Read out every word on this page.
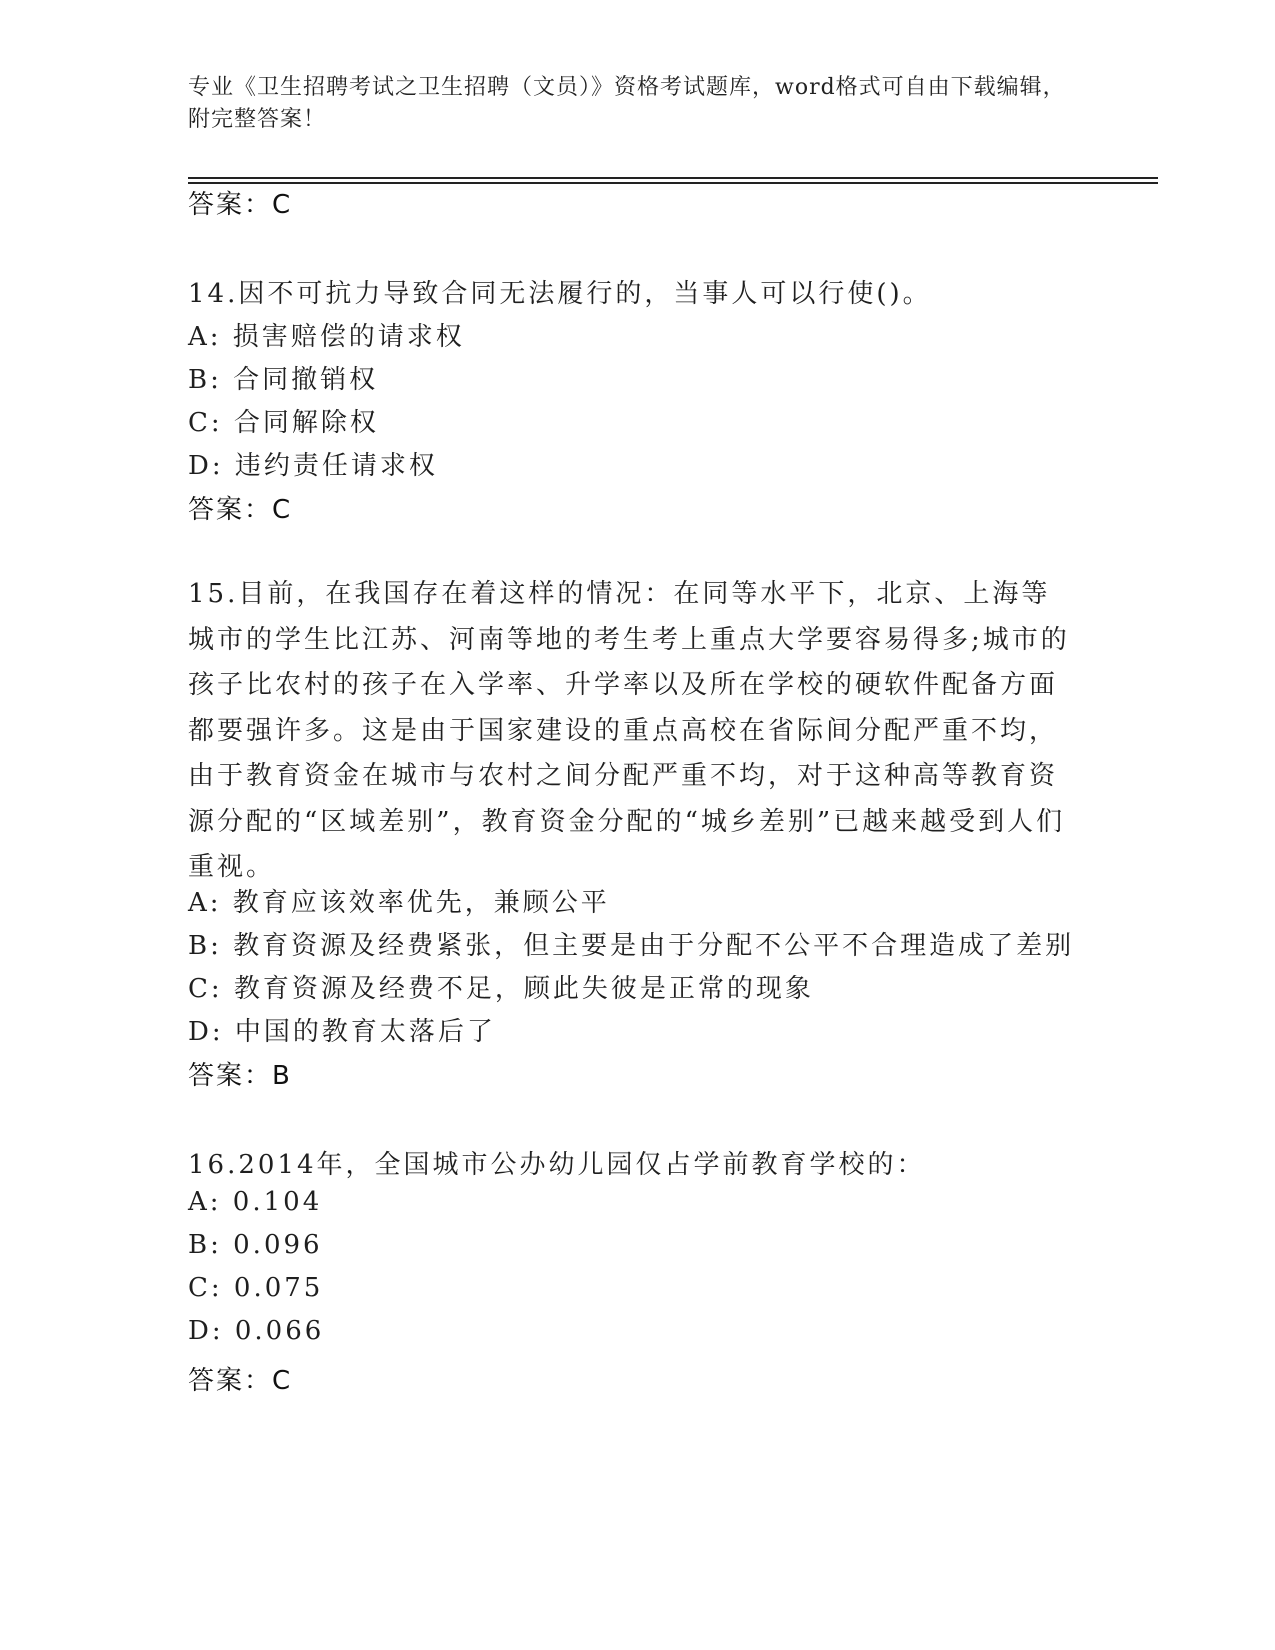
专业《卫生招聘考试之卫生招聘（文员）》资格考试题库，word格式可自由下载编辑，附完整答案！
答案：C
14.因不可抗力导致合同无法履行的，当事人可以行使()。
A: 损害赔偿的请求权
B: 合同撤销权
C: 合同解除权
D: 违约责任请求权
答案：C
15.目前，在我国存在着这样的情况：在同等水平下，北京、上海等城市的学生比江苏、河南等地的考生考上重点大学要容易得多;城市的孩子比农村的孩子在入学率、升学率以及所在学校的硬软件配备方面都要强许多。这是由于国家建设的重点高校在省际间分配严重不均，由于教育资金在城市与农村之间分配严重不均，对于这种高等教育资源分配的“区域差别”，教育资金分配的“城乡差别”已越来越受到人们重视。
A: 教育应该效率优先，兼顾公平
B: 教育资源及经费紧张，但主要是由于分配不公平不合理造成了差别
C: 教育资源及经费不足，顾此失彼是正常的现象
D: 中国的教育太落后了
答案：B
16.2014年，全国城市公办幼儿园仅占学前教育学校的：
A: 0.104
B: 0.096
C: 0.075
D: 0.066
答案：C
